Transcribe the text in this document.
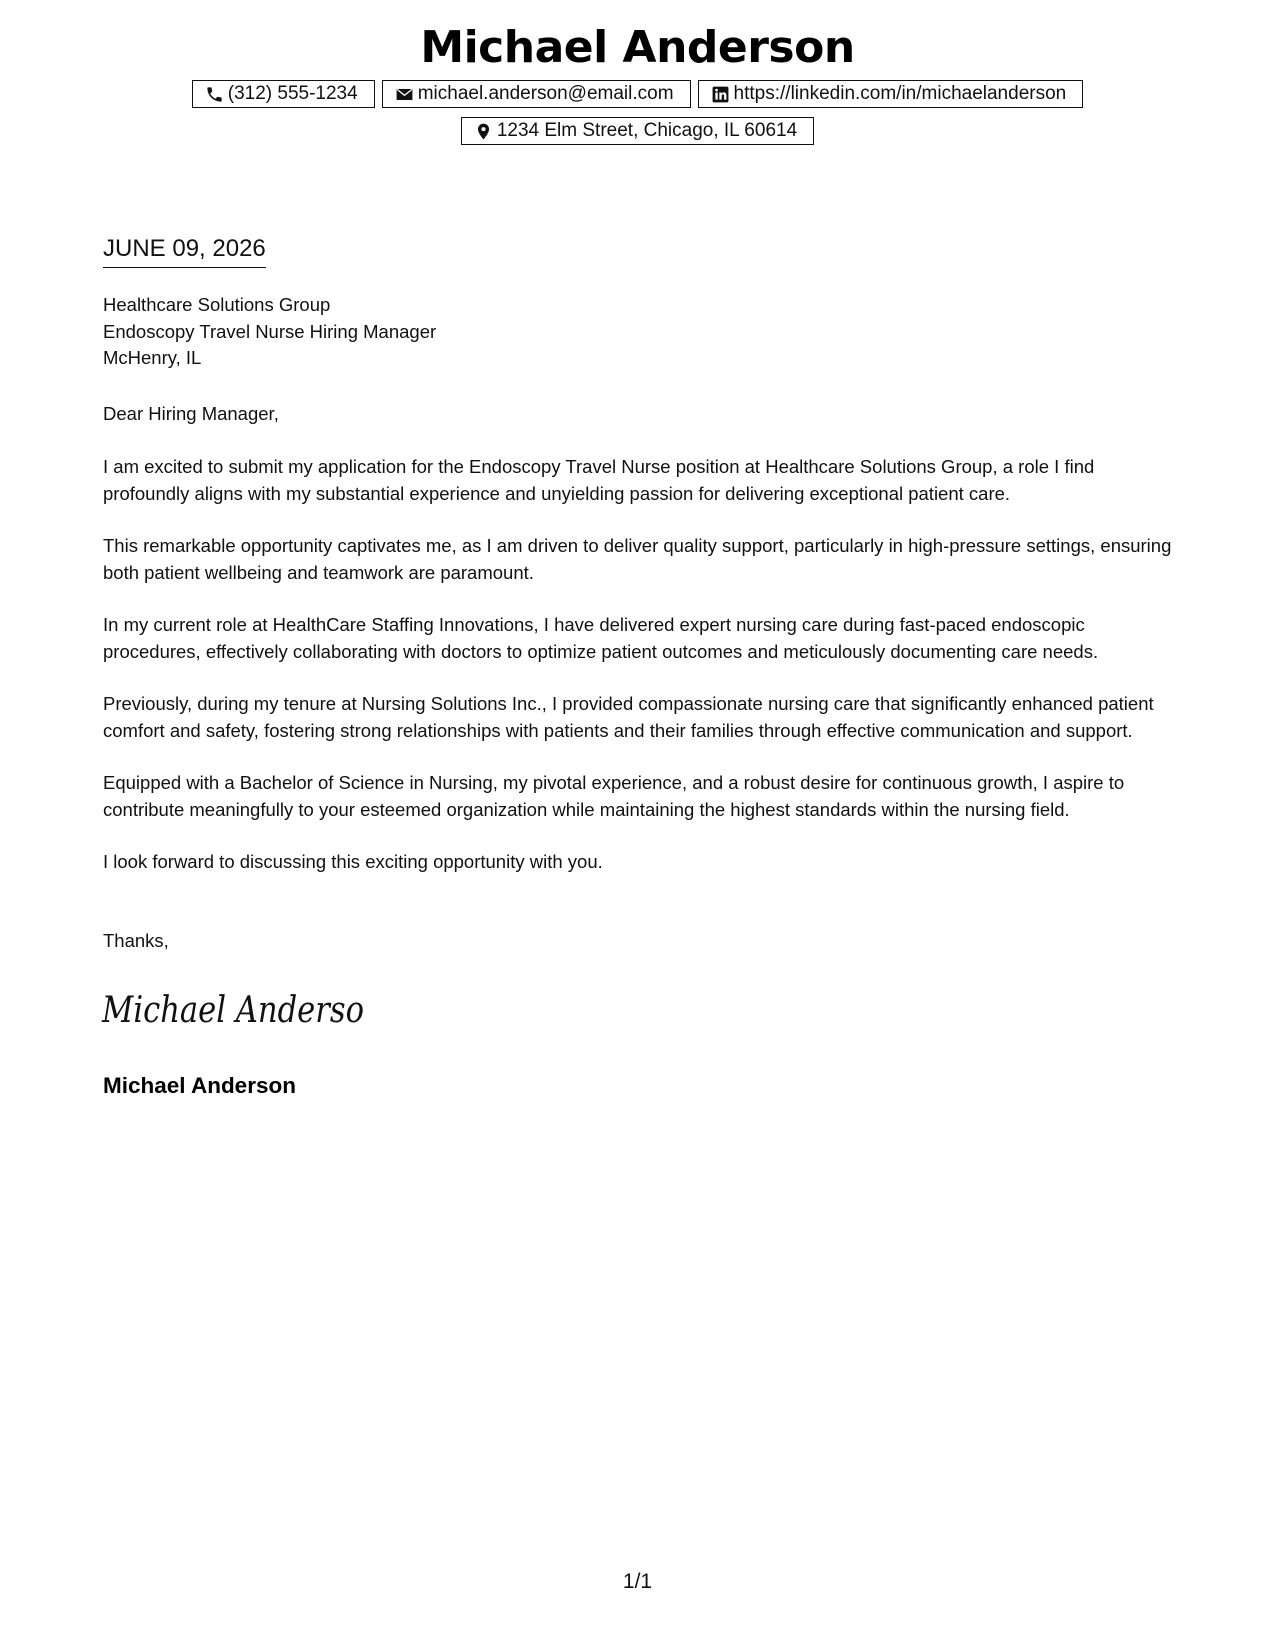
Michael Anderson
(312) 555-1234	michael.anderson@email.com	https://linkedin.com/in/michaelanderson
1234 Elm Street, Chicago, IL 60614
JUNE 09, 2026
Healthcare Solutions Group
Endoscopy Travel Nurse Hiring Manager
McHenry, IL
Dear Hiring Manager,
I am excited to submit my application for the Endoscopy Travel Nurse position at Healthcare Solutions Group, a role I find profoundly aligns with my substantial experience and unyielding passion for delivering exceptional patient care.
This remarkable opportunity captivates me, as I am driven to deliver quality support, particularly in high-pressure settings, ensuring both patient wellbeing and teamwork are paramount.
In my current role at HealthCare Staffing Innovations, I have delivered expert nursing care during fast-paced endoscopic procedures, effectively collaborating with doctors to optimize patient outcomes and meticulously documenting care needs.
Previously, during my tenure at Nursing Solutions Inc., I provided compassionate nursing care that significantly enhanced patient comfort and safety, fostering strong relationships with patients and their families through effective communication and support.
Equipped with a Bachelor of Science in Nursing, my pivotal experience, and a robust desire for continuous growth, I aspire to contribute meaningfully to your esteemed organization while maintaining the highest standards within the nursing field.
I look forward to discussing this exciting opportunity with you.
Thanks,
Michael Anderso
Michael Anderson
1/1
